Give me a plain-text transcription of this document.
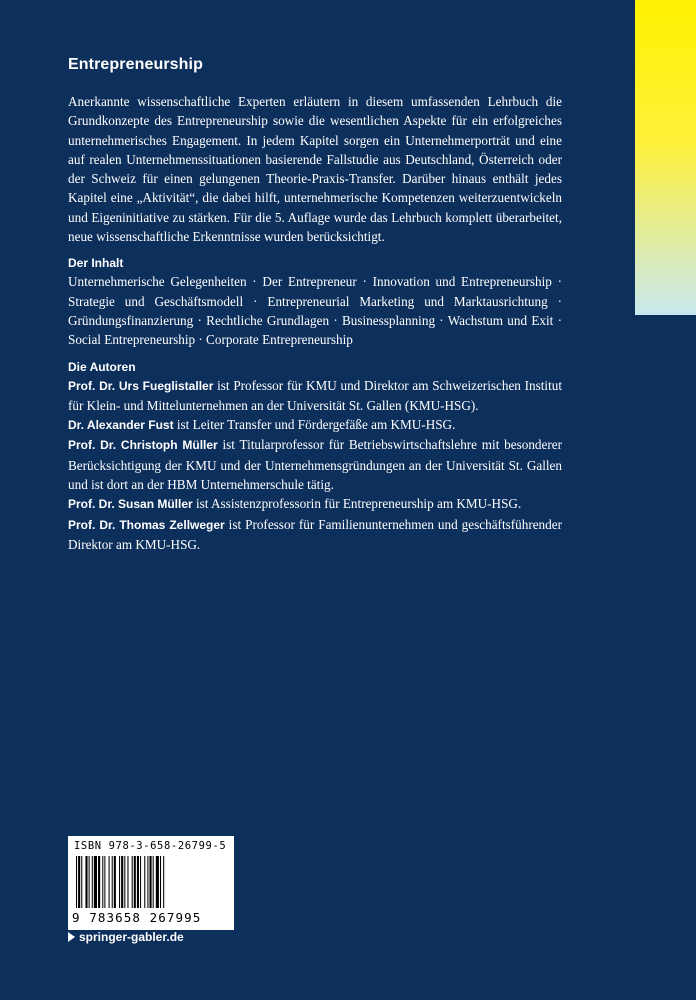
Entrepreneurship

Anerkannte wissenschaftliche Experten erläutern in diesem umfassenden Lehrbuch die Grundkonzepte des Entrepreneurship sowie die wesentlichen Aspekte für ein erfolgreiches unternehmerisches Engagement. In jedem Kapitel sorgen ein Unternehmerporträt und eine auf realen Unternehmenssituationen basierende Fallstudie aus Deutschland, Österreich oder der Schweiz für einen gelungenen Theorie-Praxis-Transfer. Darüber hinaus enthält jedes Kapitel eine „Aktivität“, die dabei hilft, unternehmerische Kompetenzen weiterzuentwickeln und Eigeninitiative zu stärken. Für die 5. Auflage wurde das Lehrbuch komplett überarbeitet, neue wissenschaftliche Erkenntnisse wurden berücksichtigt.

Der Inhalt

Unternehmerische Gelegenheiten · Der Entrepreneur · Innovation und Entrepreneurship · Strategie und Geschäftsmodell · Entrepreneurial Marketing und Marktausrichtung · Gründungsfinanzierung · Rechtliche Grundlagen · Businessplanning · Wachstum und Exit · Social Entrepreneurship · Corporate Entrepreneurship

Die Autoren

Prof. Dr. Urs Fueglistaller ist Professor für KMU und Direktor am Schweizerischen Institut für Klein- und Mittelunternehmen an der Universität St. Gallen (KMU-HSG).

Dr. Alexander Fust ist Leiter Transfer und Fördergefäße am KMU-HSG.

Prof. Dr. Christoph Müller ist Titularprofessor für Betriebswirtschaftslehre mit besonderer Berücksichtigung der KMU und der Unternehmensgründungen an der Universität St. Gallen und ist dort an der HBM Unternehmerschule tätig.

Prof. Dr. Susan Müller ist Assistenzprofessorin für Entrepreneurship am KMU-HSG.

Prof. Dr. Thomas Zellweger ist Professor für Familienunternehmen und geschäftsführender Direktor am KMU-HSG.

ISBN 978-3-658-26799-5
9 783658 267995
springer-gabler.de
